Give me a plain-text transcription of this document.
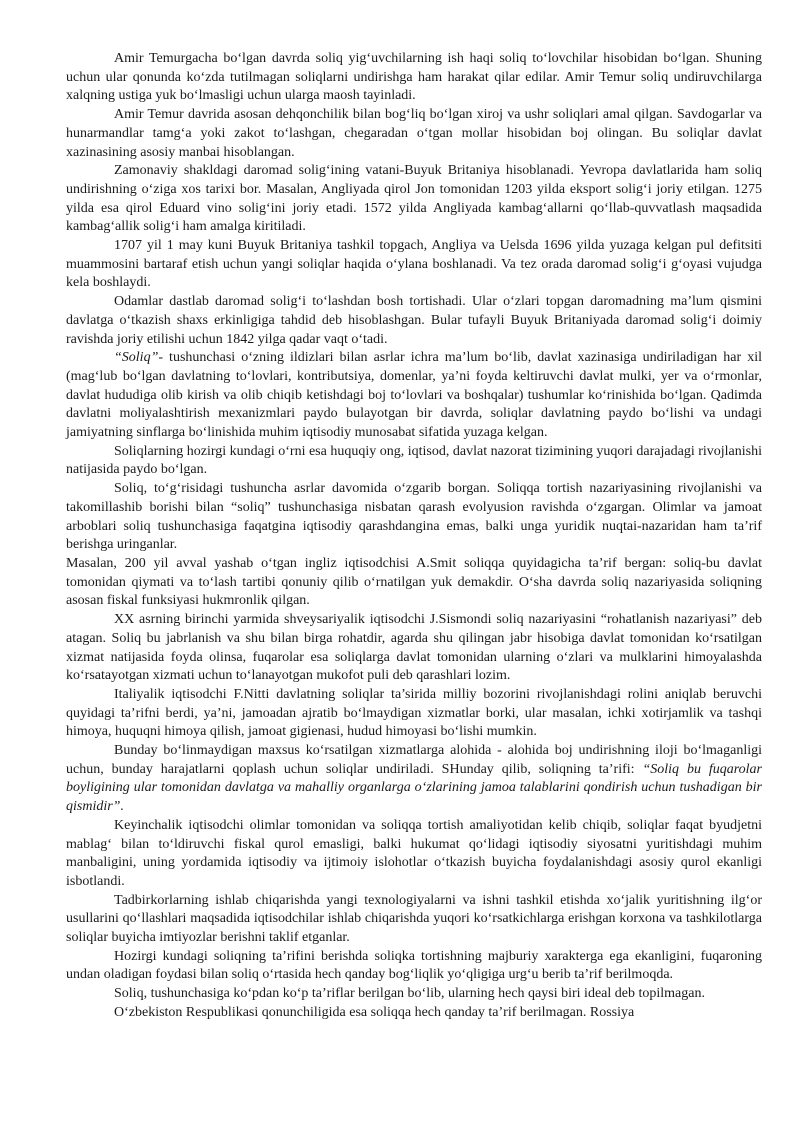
Amir Temurgacha bo‘lgan davrda soliq yig‘uvchilarning ish haqi soliq to‘lovchilar hisobidan bo‘lgan. Shuning uchun ular qonunda ko‘zda tutilmagan soliqlarni undirishga ham harakat qilar edilar. Amir Temur soliq undiruvchilarga xalqning ustiga yuk bo‘lmasligi uchun ularga maosh tayinladi.

Amir Temur davrida asosan dehqonchilik bilan bog‘liq bo‘lgan xiroj va ushr soliqlari amal qilgan. Savdogarlar va hunarmandlar tamg‘a yoki zakot to‘lashgan, chegaradan o‘tgan mollar hisobidan boj olingan. Bu soliqlar davlat xazinasining asosiy manbai hisoblangan.

Zamonaviy shakldagi daromad solig‘ining vatani-Buyuk Britaniya hisoblanadi. Yevropa davlatlarida ham soliq undirishning o‘ziga xos tarixi bor. Masalan, Angliyada qirol Jon tomonidan 1203 yilda eksport solig‘i joriy etilgan. 1275 yilda esa qirol Eduard vino solig‘ini joriy etadi. 1572 yilda Angliyada kambag‘allarni qo‘llab-quvvatlash maqsadida kambag‘allik solig‘i ham amalga kiritiladi.

1707 yil 1 may kuni Buyuk Britaniya tashkil topgach, Angliya va Uelsda 1696 yilda yuzaga kelgan pul defitsiti muammosini bartaraf etish uchun yangi soliqlar haqida o‘ylana boshlanadi. Va tez orada daromad solig‘i g‘oyasi vujudga kela boshlaydi.

Odamlar dastlab daromad solig‘i to‘lashdan bosh tortishadi. Ular o‘zlari topgan daromadning ma’lum qismini davlatga o‘tkazish shaxs erkinligiga tahdid deb hisoblashgan. Bular tufayli Buyuk Britaniyada daromad solig‘i doimiy ravishda joriy etilishi uchun 1842 yilga qadar vaqt o‘tadi.

“Soliq”- tushunchasi o‘zning ildizlari bilan asrlar ichra ma’lum bo‘lib, davlat xazinasiga undiriladigan har xil (mag‘lub bo‘lgan davlatning to‘lovlari, kontributsiya, domenlar, ya’ni foyda keltiruvchi davlat mulki, yer va o‘rmonlar, davlat hududiga olib kirish va olib chiqib ketishdagi boj to‘lovlari va boshqalar) tushumlar ko‘rinishida bo‘lgan. Qadimda davlatni moliyalashtirish mexanizmlari paydo bulayotgan bir davrda, soliqlar davlatning paydo bo‘lishi va undagi jamiyatning sinflarga bo‘linishida muhim iqtisodiy munosabat sifatida yuzaga kelgan.

Soliqlarning hozirgi kundagi o‘rni esa huquqiy ong, iqtisod, davlat nazorat tizimining yuqori darajadagi rivojlanishi natijasida paydo bo‘lgan.

Soliq, to‘g‘risidagi tushuncha asrlar davomida o‘zgarib borgan. Soliqqa tortish nazariyasining rivojlanishi va takomillashib borishi bilan “soliq” tushunchasiga nisbatan qarash evolyusion ravishda o‘zgargan. Olimlar va jamoat arboblari soliq tushunchasiga faqatgina iqtisodiy qarashdangina emas, balki unga yuridik nuqtai-nazaridan ham ta’rif berishga uringanlar.

Masalan, 200 yil avval yashab o‘tgan ingliz iqtisodchisi A.Smit soliqqa quyidagicha ta’rif bergan: soliq-bu davlat tomonidan qiymati va to‘lash tartibi qonuniy qilib o‘rnatilgan yuk demakdir. O‘sha davrda soliq nazariyasida soliqning asosan fiskal funksiyasi hukmronlik qilgan.

XX asrning birinchi yarmida shveysariyalik iqtisodchi J.Sismondi soliq nazariyasini “rohatlanish nazariyasi” deb atagan. Soliq bu jabrlanish va shu bilan birga rohatdir, agarda shu qilingan jabr hisobiga davlat tomonidan ko‘rsatilgan xizmat natijasida foyda olinsa, fuqarolar esa soliqlarga davlat tomonidan ularning o‘zlari va mulklarini himoyalashda ko‘rsatayotgan xizmati uchun to‘lanayotgan mukofot puli deb qarashlari lozim.

Italiyalik iqtisodchi F.Nitti davlatning soliqlar ta’sirida milliy bozorini rivojlanishdagi rolini aniqlab beruvchi quyidagi ta’rifni berdi, ya’ni, jamoadan ajratib bo‘lmaydigan xizmatlar borki, ular masalan, ichki xotirjamlik va tashqi himoya, huquqni himoya qilish, jamoat gigienasi, hudud himoyasi bo‘lishi mumkin.

Bunday bo‘linmaydigan maxsus ko‘rsatilgan xizmatlarga alohida - alohida boj undirishning iloji bo‘lmaganligi uchun, bunday harajatlarni qoplash uchun soliqlar undiriladi. SHunday qilib, soliqning ta’rifi: “Soliq bu fuqarolar boyligining ular tomonidan davlatga va mahalliy organlarga o‘zlarining jamoa talablarini qondirish uchun tushadigan bir qismidir”.

Keyinchalik iqtisodchi olimlar tomonidan va soliqqa tortish amaliyotidan kelib chiqib, soliqlar faqat byudjetni mablag‘ bilan to‘ldiruvchi fiskal qurol emasligi, balki hukumat qo‘lidagi iqtisodiy siyosatni yuritishdagi muhim manbaligini, uning yordamida iqtisodiy va ijtimoiy islohotlar o‘tkazish buyicha foydalanishdagi asosiy qurol ekanligi isbotlandi.

Tadbirkorlarning ishlab chiqarishda yangi texnologiyalarni va ishni tashkil etishda xo‘jalik yuritishning ilg‘or usullarini qo‘llashlari maqsadida iqtisodchilar ishlab chiqarishda yuqori ko‘rsatkichlarga erishgan korxona va tashkilotlarga soliqlar buyicha imtiyozlar berishni taklif etganlar.

Hozirgi kundagi soliqning ta’rifini berishda soliqka tortishning majburiy xarakterga ega ekanligini, fuqaroning undan oladigan foydasi bilan soliq o‘rtasida hech qanday bog‘liqlik yo‘qligiga urg‘u berib ta’rif berilmoqda.

Soliq, tushunchasiga ko‘pdan ko‘p ta’riflar berilgan bo‘lib, ularning hech qaysi biri ideal deb topilmagan.

O‘zbekiston Respublikasi qonunchiligida esa soliqqa hech qanday ta’rif berilmagan. Rossiya
